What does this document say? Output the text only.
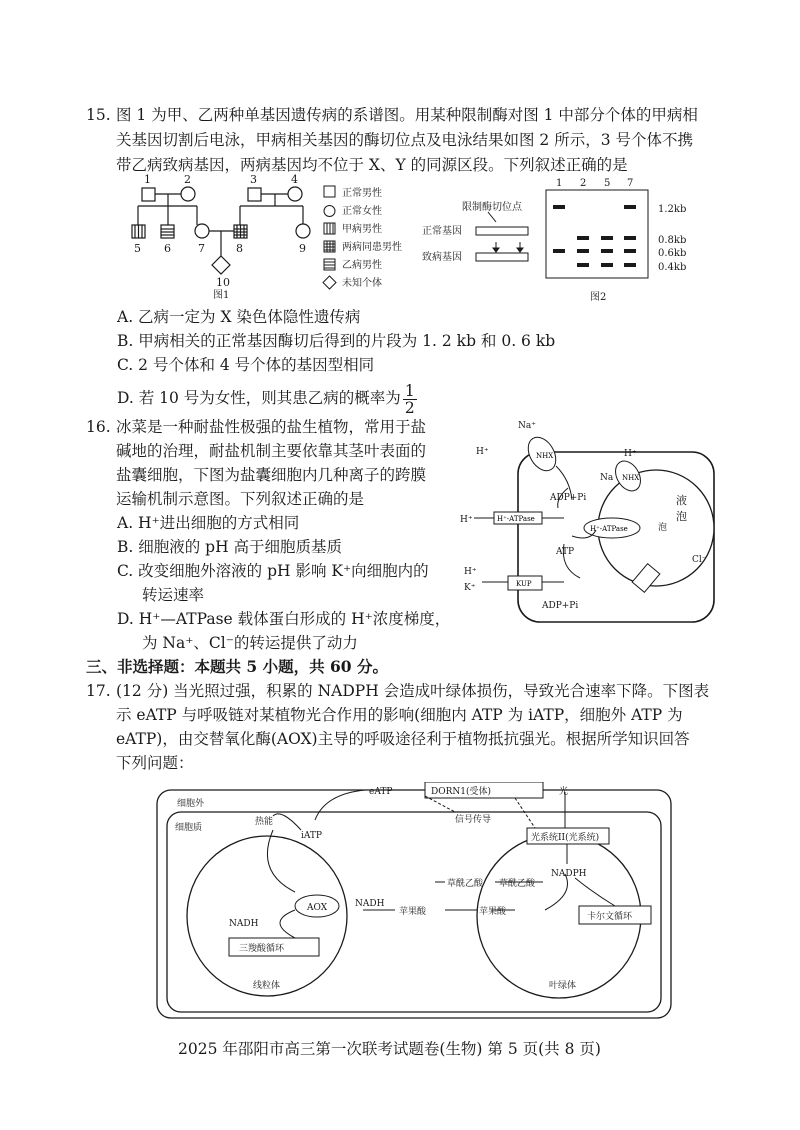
15. 图 1 为甲、乙两种单基因遗传病的系谱图。用某种限制酶对图 1 中部分个体的甲病相
关基因切割后电泳，甲病相关基因的酶切位点及电泳结果如图 2 所示，3 号个体不携
带乙病致病基因，两病基因均不位于 X、Y 的同源区段。下列叙述正确的是
1	2	3	4
5 6 7	8	9
10
图1
正常男性
正常女性
甲病男性
两病同患男性
乙病男性
未知个体
限制酶切位点
正常基因
致病基因
图2
1 2 5 7
1.2kb
0.8kb
0.6kb
0.4kb
A. 乙病一定为 X 染色体隐性遗传病
B. 甲病相关的正常基因酶切后得到的片段为 1. 2 kb 和 0. 6 kb
C. 2 号个体和 4 号个体的基因型相同
D. 若 10 号为女性，则其患乙病的概率为 $\frac{1}{2}$
16. 冰菜是一种耐盐性极强的盐生植物，常用于盐
碱地的治理，耐盐机制主要依靠其茎叶表面的
盐囊细胞，下图为盐囊细胞内几种离子的跨膜
运输机制示意图。下列叙述正确的是
A. H⁺进出细胞的方式相同
B. 细胞液的 pH 高于细胞质基质
C. 改变细胞外溶液的 pH 影响 K⁺向细胞内的
转运速率
D. H⁺—ATPase 载体蛋白形成的 H⁺浓度梯度，
为 Na⁺、Cl⁻的转运提供了动力
NHX
NHX
H⁺-ATPase
H⁺-ATPase
KUP
Na⁺
H⁺	H⁺
Na
ADP+Pi
H⁺
ATP
H⁺
K⁺
ADP+Pi
Cl⁻
泡
液
泡
三、非选择题：本题共 5 小题，共 60 分。
17. (12 分) 当光照过强，积累的 NADPH 会造成叶绿体损伤，导致光合速率下降。下图表
示 eATP 与呼吸链对某植物光合作用的影响(细胞内 ATP 为 iATP，细胞外 ATP 为
eATP)，由交替氧化酶(AOX)主导的呼吸途径利于植物抵抗强光。根据所学知识回答
下列问题：
细胞外
细胞质
eATP	光
DORN1(受体)
信号传导
热能
iATP	光系统II(光系统)
草酰乙酸 草酰乙酸
NADPH
NADH
NADH
AOX	苹果酸	苹果酸	卡尔文循环
三羧酸循环
线粒体	叶绿体
2025 年邵阳市高三第一次联考试题卷(生物) 第 5 页(共 8 页)
